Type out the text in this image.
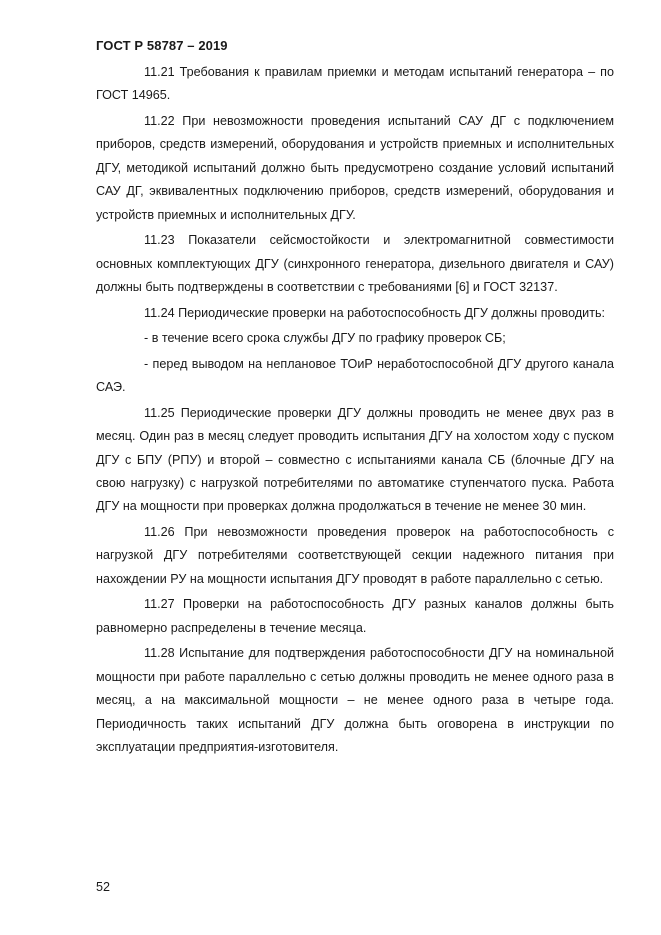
ГОСТ Р 58787 – 2019

11.21 Требования к правилам приемки и методам испытаний генератора – по ГОСТ 14965.

11.22 При невозможности проведения испытаний САУ ДГ с подключением приборов, средств измерений, оборудования и устройств приемных и исполнительных ДГУ, методикой испытаний должно быть предусмотрено создание условий испытаний САУ ДГ, эквивалентных подключению приборов, средств измерений, оборудования и устройств приемных и исполнительных ДГУ.

11.23 Показатели сейсмостойкости и электромагнитной совместимости основных комплектующих ДГУ (синхронного генератора, дизельного двигателя и САУ) должны быть подтверждены в соответствии с требованиями [6] и ГОСТ 32137.

11.24 Периодические проверки на работоспособность ДГУ должны проводить:

- в течение всего срока службы ДГУ по графику проверок СБ;

- перед выводом на неплановое ТОиР неработоспособной ДГУ другого канала САЭ.

11.25 Периодические проверки ДГУ должны проводить не менее двух раз в месяц. Один раз в месяц следует проводить испытания ДГУ на холостом ходу с пуском ДГУ с БПУ (РПУ) и второй – совместно с испытаниями канала СБ (блочные ДГУ на свою нагрузку) с нагрузкой потребителями по автоматике ступенчатого пуска. Работа ДГУ на мощности при проверках должна продолжаться в течение не менее 30 мин.

11.26 При невозможности проведения проверок на работоспособность с нагрузкой ДГУ потребителями соответствующей секции надежного питания при нахождении РУ на мощности испытания ДГУ проводят в работе параллельно с сетью.

11.27 Проверки на работоспособность ДГУ разных каналов должны быть равномерно распределены в течение месяца.

11.28 Испытание для подтверждения работоспособности ДГУ на номинальной мощности при работе параллельно с сетью должны проводить не менее одного раза в месяц, а на максимальной мощности – не менее одного раза в четыре года. Периодичность таких испытаний ДГУ должна быть оговорена в инструкции по эксплуатации предприятия-изготовителя.

52
